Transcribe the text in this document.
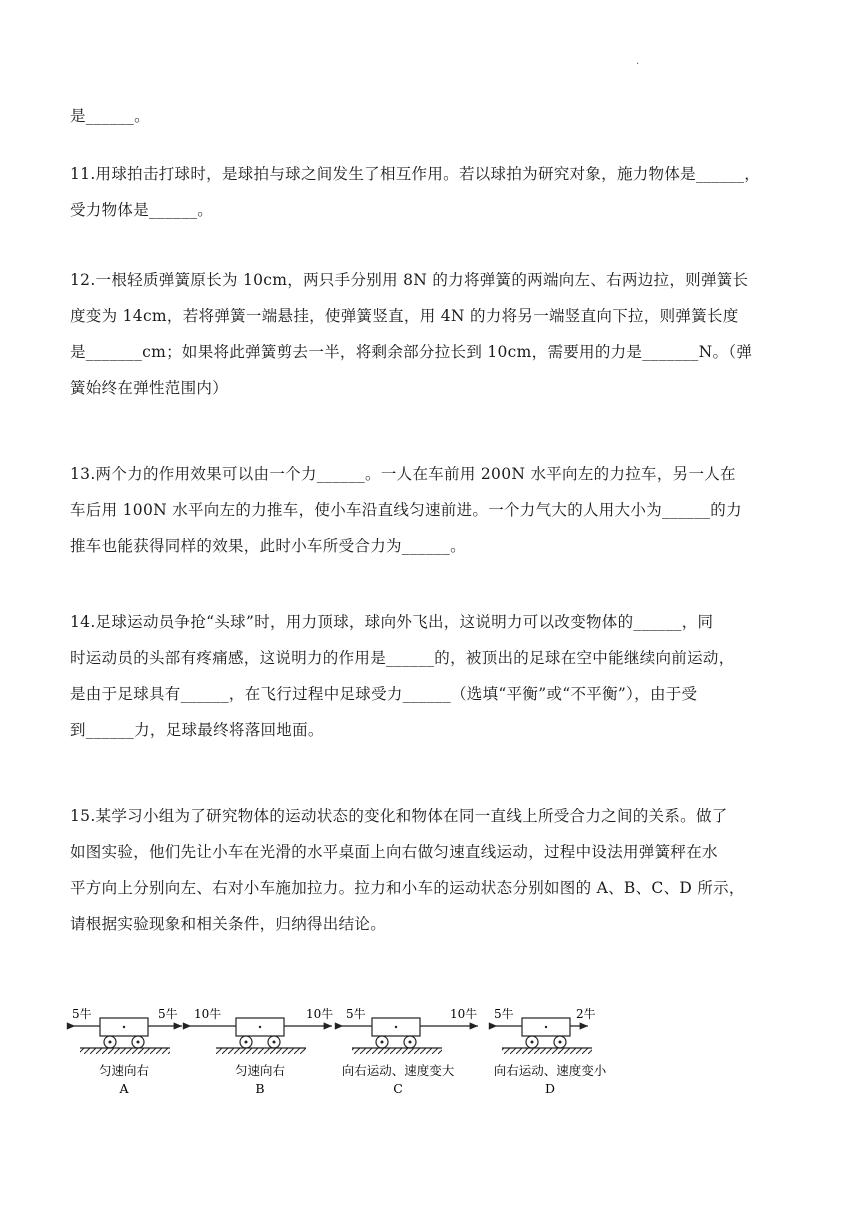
.

是______。

11.用球拍击打球时，是球拍与球之间发生了相互作用。若以球拍为研究对象，施力物体是______，
受力物体是______。

12.一根轻质弹簧原长为 10cm，两只手分别用 8N 的力将弹簧的两端向左、右两边拉，则弹簧长
度变为 14cm，若将弹簧一端悬挂，使弹簧竖直，用 4N 的力将另一端竖直向下拉，则弹簧长度
是_______cm；如果将此弹簧剪去一半，将剩余部分拉长到 10cm，需要用的力是_______N。（弹
簧始终在弹性范围内）

13.两个力的作用效果可以由一个力______。一人在车前用 200N 水平向左的力拉车，另一人在
车后用 100N 水平向左的力推车，使小车沿直线匀速前进。一个力气大的人用大小为______的力
推车也能获得同样的效果，此时小车所受合力为______。

14.足球运动员争抢“头球”时，用力顶球，球向外飞出，这说明力可以改变物体的______，同
时运动员的头部有疼痛感，这说明力的作用是______的，被顶出的足球在空中能继续向前运动，
是由于足球具有______，在飞行过程中足球受力______（选填“平衡”或“不平衡”），由于受
到______力，足球最终将落回地面。

15.某学习小组为了研究物体的运动状态的变化和物体在同一直线上所受合力之间的关系。做了
如图实验，他们先让小车在光滑的水平桌面上向右做匀速直线运动，过程中设法用弹簧秤在水
平方向上分别向左、右对小车施加拉力。拉力和小车的运动状态分别如图的 A、B、C、D 所示，
请根据实验现象和相关条件，归纳得出结论。

5牛	5牛
匀速向右
A
10牛	10牛
匀速向右
B
5牛	10牛
向右运动、速度变大
C
5牛	2牛
向右运动、速度变小
D
